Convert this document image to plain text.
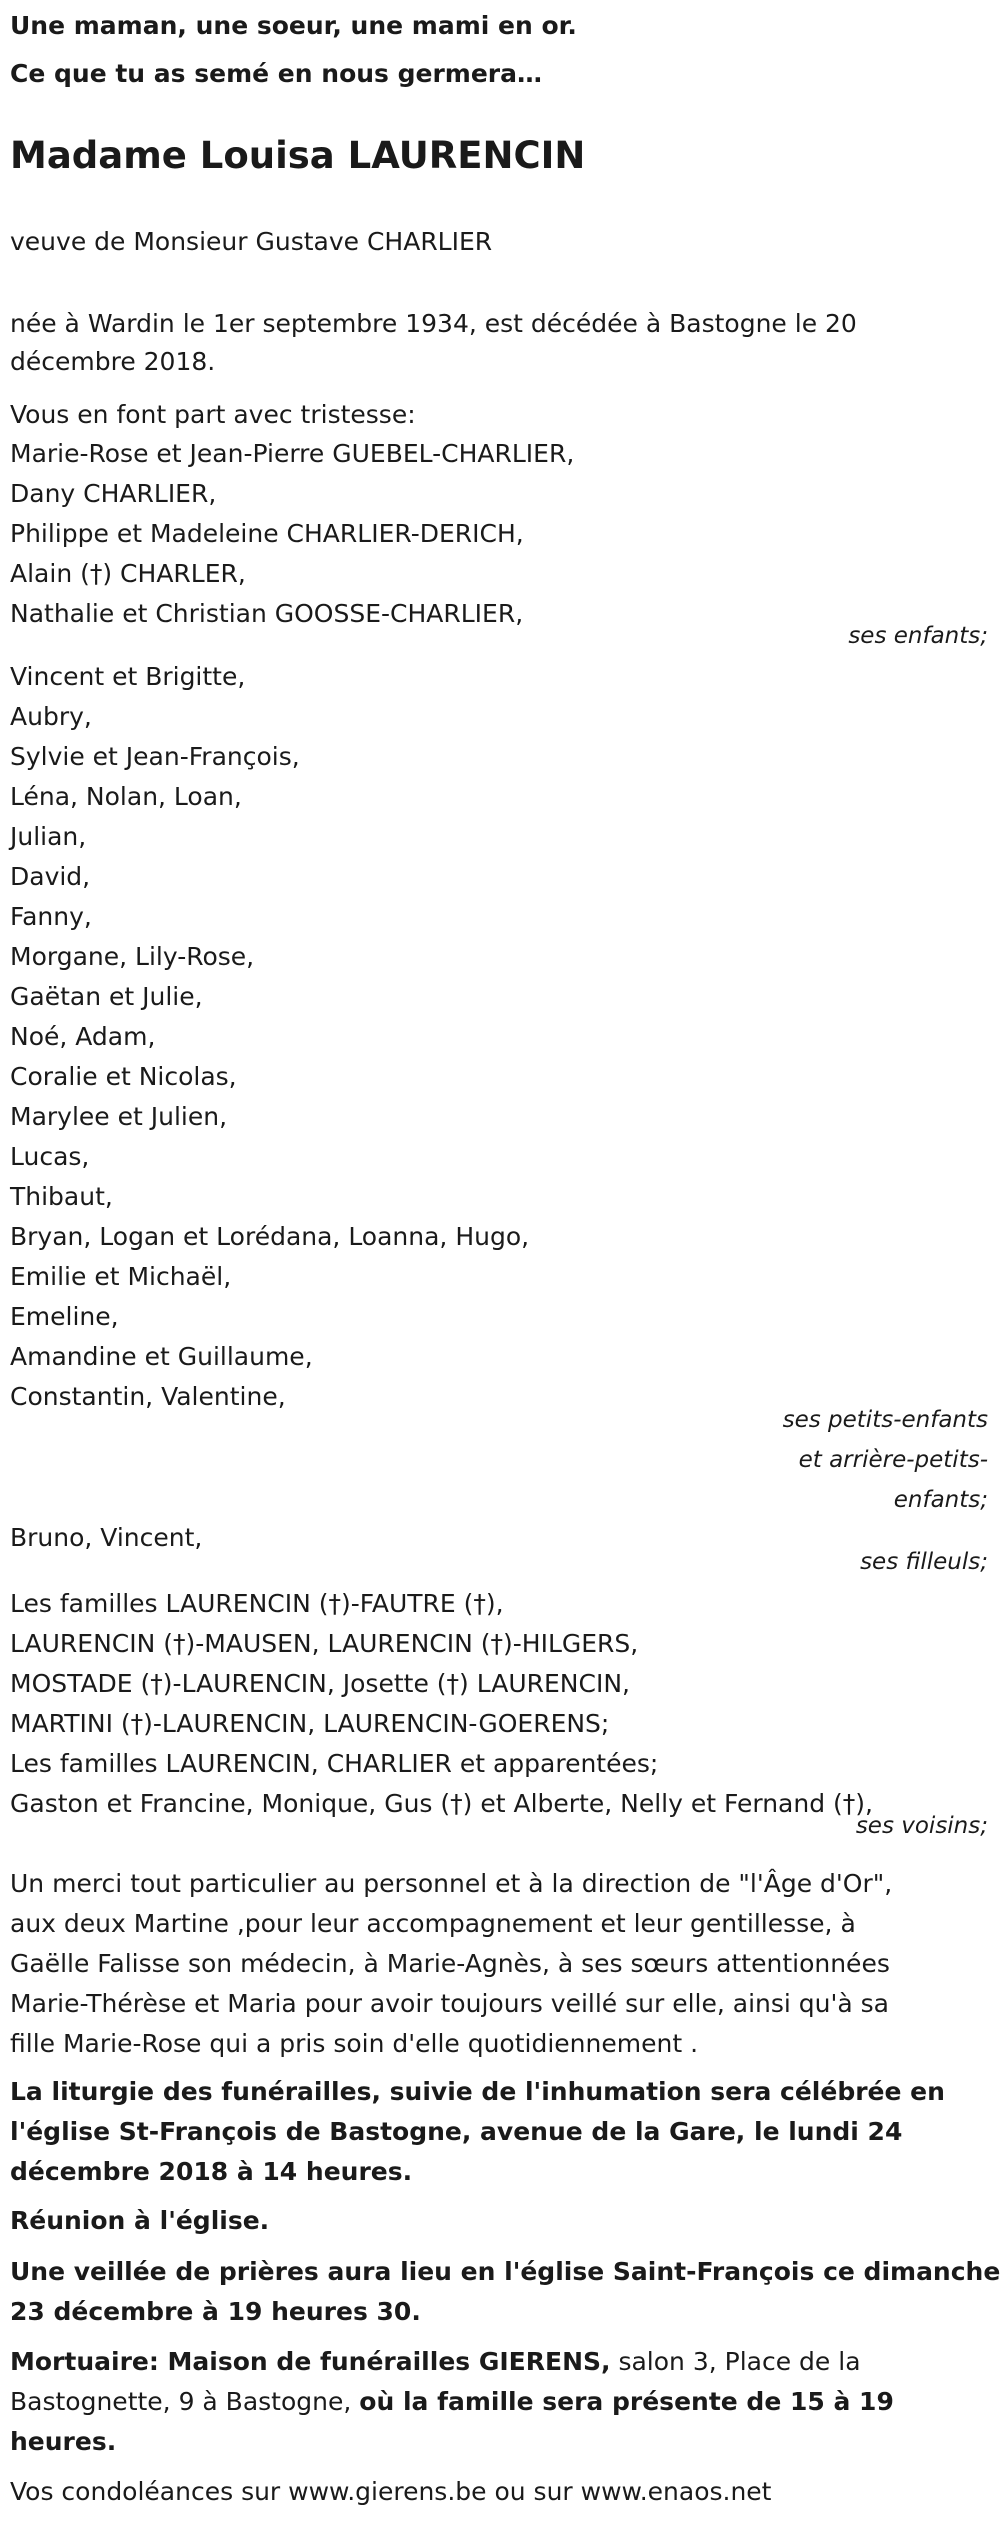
Une maman, une soeur, une mami en or.
Ce que tu as semé en nous germera…
Madame Louisa LAURENCIN
veuve de Monsieur Gustave CHARLIER
née à Wardin le 1er septembre 1934, est décédée à Bastogne le 20
décembre 2018.
Vous en font part avec tristesse:
Marie-Rose et Jean-Pierre GUEBEL-CHARLIER,
Dany CHARLIER,
Philippe et Madeleine CHARLIER-DERICH,
Alain (†) CHARLER,
Nathalie et Christian GOOSSE-CHARLIER,
ses enfants;
Vincent et Brigitte,
Aubry,
Sylvie et Jean-François,
Léna, Nolan, Loan,
Julian,
David,
Fanny,
Morgane, Lily-Rose,
Gaëtan et Julie,
Noé, Adam,
Coralie et Nicolas,
Marylee et Julien,
Lucas,
Thibaut,
Bryan, Logan et Lorédana, Loanna, Hugo,
Emilie et Michaël,
Emeline,
Amandine et Guillaume,
Constantin, Valentine,
ses petits-enfants
et arrière-petits-
enfants;
Bruno, Vincent,
ses filleuls;
Les familles LAURENCIN (†)-FAUTRE (†),
LAURENCIN (†)-MAUSEN, LAURENCIN (†)-HILGERS,
MOSTADE (†)-LAURENCIN, Josette (†) LAURENCIN,
MARTINI (†)-LAURENCIN, LAURENCIN-GOERENS;
Les familles LAURENCIN, CHARLIER et apparentées;
Gaston et Francine, Monique, Gus (†) et Alberte, Nelly et Fernand (†),
ses voisins;
Un merci tout particulier au personnel et à la direction de "l'Âge d'Or",
aux deux Martine ,pour leur accompagnement et leur gentillesse, à
Gaëlle Falisse son médecin, à Marie-Agnès, à ses sœurs attentionnées
Marie-Thérèse et Maria pour avoir toujours veillé sur elle, ainsi qu'à sa
fille Marie-Rose qui a pris soin d'elle quotidiennement .
La liturgie des funérailles, suivie de l'inhumation sera célébrée en
l'église St-François de Bastogne, avenue de la Gare, le lundi 24
décembre 2018 à 14 heures.
Réunion à l'église.
Une veillée de prières aura lieu en l'église Saint-François ce dimanche
23 décembre à 19 heures 30.
Mortuaire: Maison de funérailles GIERENS, salon 3, Place de la
Bastognette, 9 à Bastogne, où la famille sera présente de 15 à 19
heures.
Vos condoléances sur www.gierens.be ou sur www.enaos.net
